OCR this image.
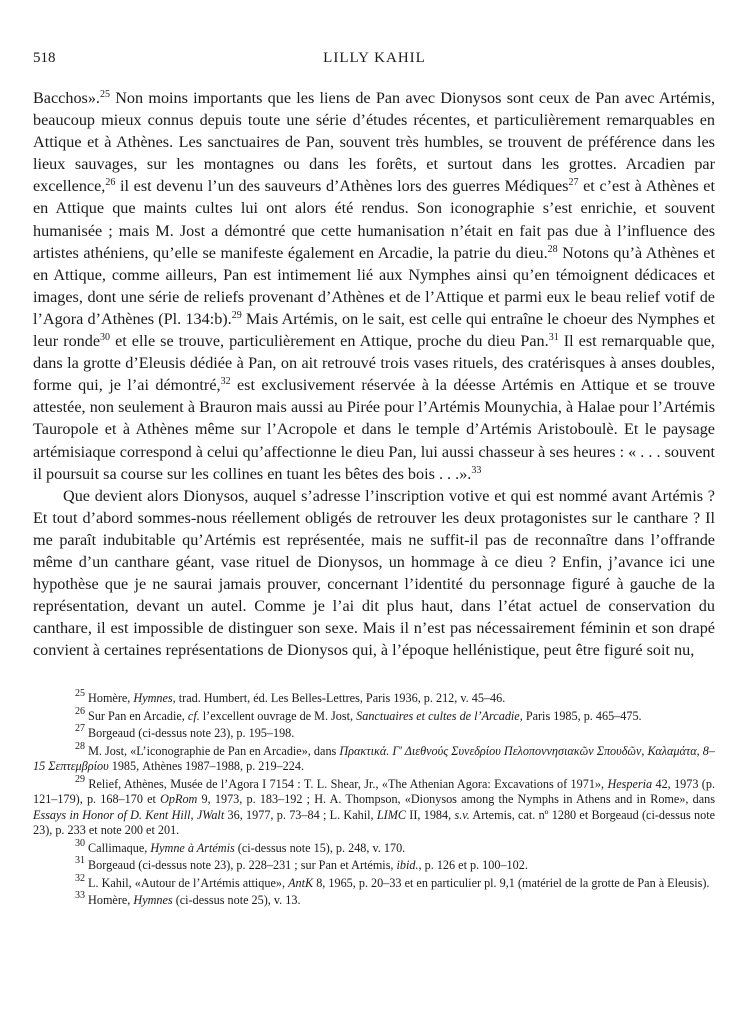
518	LILLY KAHIL

Bacchos».$^{25}$ Non moins importants que les liens de Pan avec Dionysos sont ceux de Pan avec Artémis, beaucoup mieux connus depuis toute une série d’études récentes, et particulièrement remarquables en Attique et à Athènes. Les sanctuaires de Pan, souvent très humbles, se trouvent de préférence dans les lieux sauvages, sur les montagnes ou dans les forêts, et surtout dans les grottes. Arcadien par excellence,$^{26}$ il est devenu l’un des sauveurs d’Athènes lors des guerres Médiques$^{27}$ et c’est à Athènes et en Attique que maints cultes lui ont alors été rendus. Son iconographie s’est enrichie, et souvent humanisée ; mais M. Jost a démontré que cette humanisation n’était en fait pas due à l’influence des artistes athéniens, qu’elle se manifeste également en Arcadie, la patrie du dieu.$^{28}$ Notons qu’à Athènes et en Attique, comme ailleurs, Pan est intimement lié aux Nymphes ainsi qu’en témoignent dédicaces et images, dont une série de reliefs provenant d’Athènes et de l’Attique et parmi eux le beau relief votif de l’Agora d’Athènes (Pl. 134:b).$^{29}$ Mais Artémis, on le sait, est celle qui entraîne le choeur des Nymphes et leur ronde$^{30}$ et elle se trouve, particulièrement en Attique, proche du dieu Pan.$^{31}$ Il est remarquable que, dans la grotte d’Eleusis dédiée à Pan, on ait retrouvé trois vases rituels, des cratérisques à anses doubles, forme qui, je l’ai démontré,$^{32}$ est exclusivement réservée à la déesse Artémis en Attique et se trouve attestée, non seulement à Brauron mais aussi au Pirée pour l’Artémis Mounychia, à Halae pour l’Artémis Tauropole et à Athènes même sur l’Acropole et dans le temple d’Artémis Aristoboulè. Et le paysage artémisiaque correspond à celui qu’affectionne le dieu Pan, lui aussi chasseur à ses heures : « . . . souvent il poursuit sa course sur les collines en tuant les bêtes des bois . . .».$^{33}$

Que devient alors Dionysos, auquel s’adresse l’inscription votive et qui est nommé avant Artémis ? Et tout d’abord sommes-nous réellement obligés de retrouver les deux protagonistes sur le canthare ? Il me paraît indubitable qu’Artémis est représentée, mais ne suffit-il pas de reconnaître dans l’offrande même d’un canthare géant, vase rituel de Dionysos, un hommage à ce dieu ? Enfin, j’avance ici une hypothèse que je ne saurai jamais prouver, concernant l’identité du personnage figuré à gauche de la représentation, devant un autel. Comme je l’ai dit plus haut, dans l’état actuel de conservation du canthare, il est impossible de distinguer son sexe. Mais il n’est pas nécessairement féminin et son drapé convient à certaines représentations de Dionysos qui, à l’époque hellénistique, peut être figuré soit nu,

$^{25}$ Homère, Hymnes, trad. Humbert, éd. Les Belles-Lettres, Paris 1936, p. 212, v. 45–46.

$^{26}$ Sur Pan en Arcadie, cf. l’excellent ouvrage de M. Jost, Sanctuaires et cultes de l’Arcadie, Paris 1985, p. 465–475.

$^{27}$ Borgeaud (ci-dessus note 23), p. 195–198.

$^{28}$ M. Jost, «L’iconographie de Pan en Arcadie», dans Πρακτικά. Γ' Διεθνούς Συνεδρίου Πελοποννησιακῶν Σπουδῶν, Καλαμάτα, 8–15 Σεπτεμβρίου 1985, Athènes 1987–1988, p. 219–224.

$^{29}$ Relief, Athènes, Musée de l’Agora I 7154 : T. L. Shear, Jr., «The Athenian Agora: Excavations of 1971», Hesperia 42, 1973 (p. 121–179), p. 168–170 et OpRom 9, 1973, p. 183–192 ; H. A. Thompson, «Dionysos among the Nymphs in Athens and in Rome», dans Essays in Honor of D. Kent Hill, JWalt 36, 1977, p. 73–84 ; L. Kahil, LIMC II, 1984, s.v. Artemis, cat. nº 1280 et Borgeaud (ci-dessus note 23), p. 233 et note 200 et 201.

$^{30}$ Callimaque, Hymne à Artémis (ci-dessus note 15), p. 248, v. 170.

$^{31}$ Borgeaud (ci-dessus note 23), p. 228–231 ; sur Pan et Artémis, ibid., p. 126 et p. 100–102.

$^{32}$ L. Kahil, «Autour de l’Artémis attique», AntK 8, 1965, p. 20–33 et en particulier pl. 9,1 (matériel de la grotte de Pan à Eleusis).

$^{33}$ Homère, Hymnes (ci-dessus note 25), v. 13.
